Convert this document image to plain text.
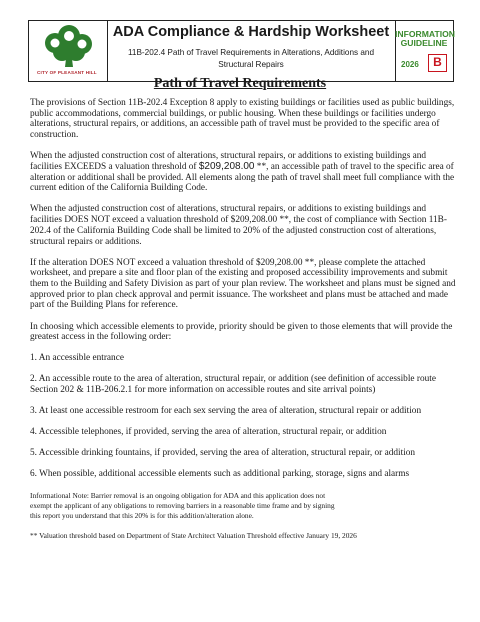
CITY OF PLEASANT HILL
ADA Compliance & Hardship Worksheet
11B-202.4 Path of Travel Requirements in Alterations, Additions and Structural Repairs
INFORMATION
GUIDELINE
2026	B
Path of Travel Requirements

The provisions of Section 11B-202.4 Exception 8 apply to existing buildings or facilities used as public buildings, public accommodations, commercial buildings, or public housing. When these buildings or facilities undergo alterations, structural repairs, or additions, an accessible path of travel must be provided to the specific area of construction.

When the adjusted construction cost of alterations, structural repairs, or additions to existing buildings and facilities EXCEEDS a valuation threshold of $209,208.00 **, an accessible path of travel to the specific area of alteration or additional shall be provided. All elements along the path of travel shall meet full compliance with the current edition of the California Building Code.

When the adjusted construction cost of alterations, structural repairs, or additions to existing buildings and facilities DOES NOT exceed a valuation threshold of $209,208.00 **, the cost of compliance with Section 11B-202.4 of the California Building Code shall be limited to 20% of the adjusted construction cost of alterations, structural repairs or additions.

If the alteration DOES NOT exceed a valuation threshold of $209,208.00 **, please complete the attached worksheet, and prepare a site and floor plan of the existing and proposed accessibility improvements and submit them to the Building and Safety Division as part of your plan review. The worksheet and plans must be signed and approved prior to plan check approval and permit issuance. The worksheet and plans must be attached and made part of the Building Plans for reference.

In choosing which accessible elements to provide, priority should be given to those elements that will provide the greatest access in the following order:

1. An accessible entrance

2. An accessible route to the area of alteration, structural repair, or addition (see definition of accessible route Section 202 & 11B-206.2.1 for more information on accessible routes and site arrival points)

3. At least one accessible restroom for each sex serving the area of alteration, structural repair or addition

4. Accessible telephones, if provided, serving the area of alteration, structural repair, or addition

5. Accessible drinking fountains, if provided, serving the area of alteration, structural repair, or addition

6. When possible, additional accessible elements such as additional parking, storage, signs and alarms

Informational Note: Barrier removal is an ongoing obligation for ADA and this application does not
exempt the applicant of any obligations to removing barriers in a reasonable time frame and by signing
this report you understand that this 20% is for this addition/alteration alone.
** Valuation threshold based on Department of State Architect Valuation Threshold effective January 19, 2026
